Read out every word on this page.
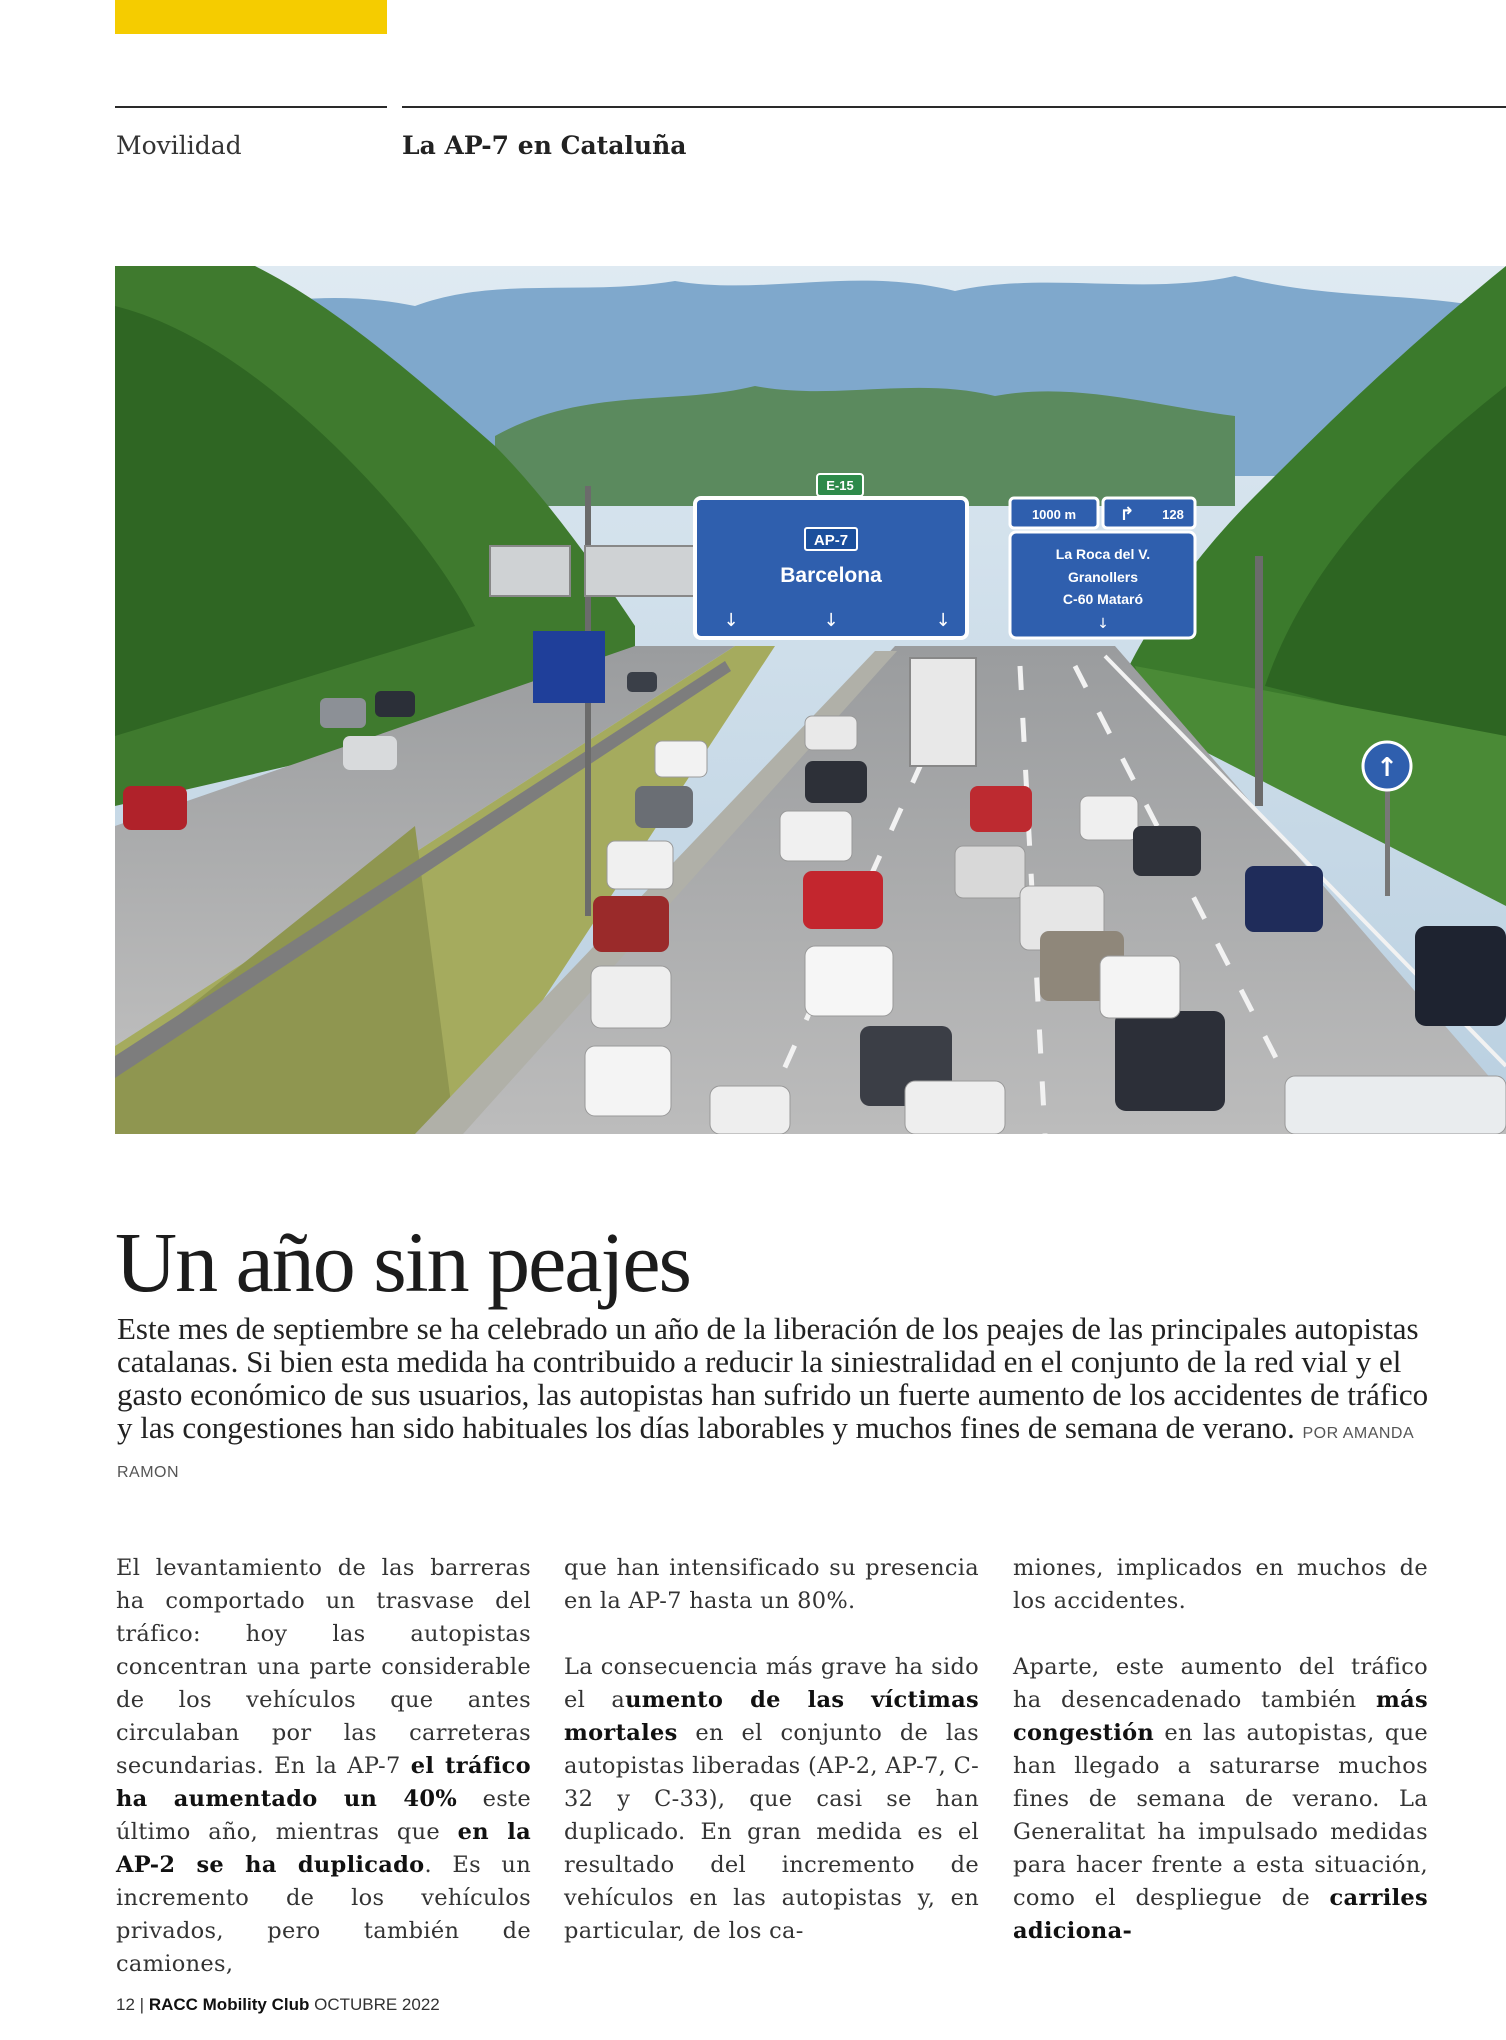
Movilidad	La AP-7 en Cataluña
E-15
AP-7
Barcelona
↓	↓	↓
1000 m ↱ 128
La Roca del V.
Granollers
C-60 Mataró
↓
↑
Un año sin peajes
Este mes de septiembre se ha celebrado un año de la liberación de los peajes de las principales autopistas catalanas. Si bien esta medida ha contribuido a reducir la siniestralidad en el conjunto de la red vial y el gasto económico de sus usuarios, las autopistas han sufrido un fuerte aumento de los accidentes de tráfico y las congestiones han sido habituales los días laborables y muchos fines de semana de verano. POR AMANDA RAMON

El levantamiento de las barreras ha comportado un trasvase del tráfico: hoy las autopistas concentran una parte considerable de los vehículos que antes circulaban por las carreteras secundarias. En la AP-7 el tráfico ha aumentado un 40% este último año, mientras que en la AP-2 se ha duplicado. Es un incremento de los vehículos privados, pero también de camiones,

que han intensificado su presencia en la AP-7 hasta un 80%.

La consecuencia más grave ha sido el aumento de las víctimas mortales en el conjunto de las autopistas liberadas (AP-2, AP-7, C-32 y C-33), que casi se han duplicado. En gran medida es el resultado del incremento de vehículos en las autopistas y, en particular, de los ca-

miones, implicados en muchos de los accidentes.

Aparte, este aumento del tráfico ha desencadenado también más congestión en las autopistas, que han llegado a saturarse muchos fines de semana de verano. La Generalitat ha impulsado medidas para hacer frente a esta situación, como el despliegue de carriles adiciona-

12 | RACC Mobility Club OCTUBRE 2022
